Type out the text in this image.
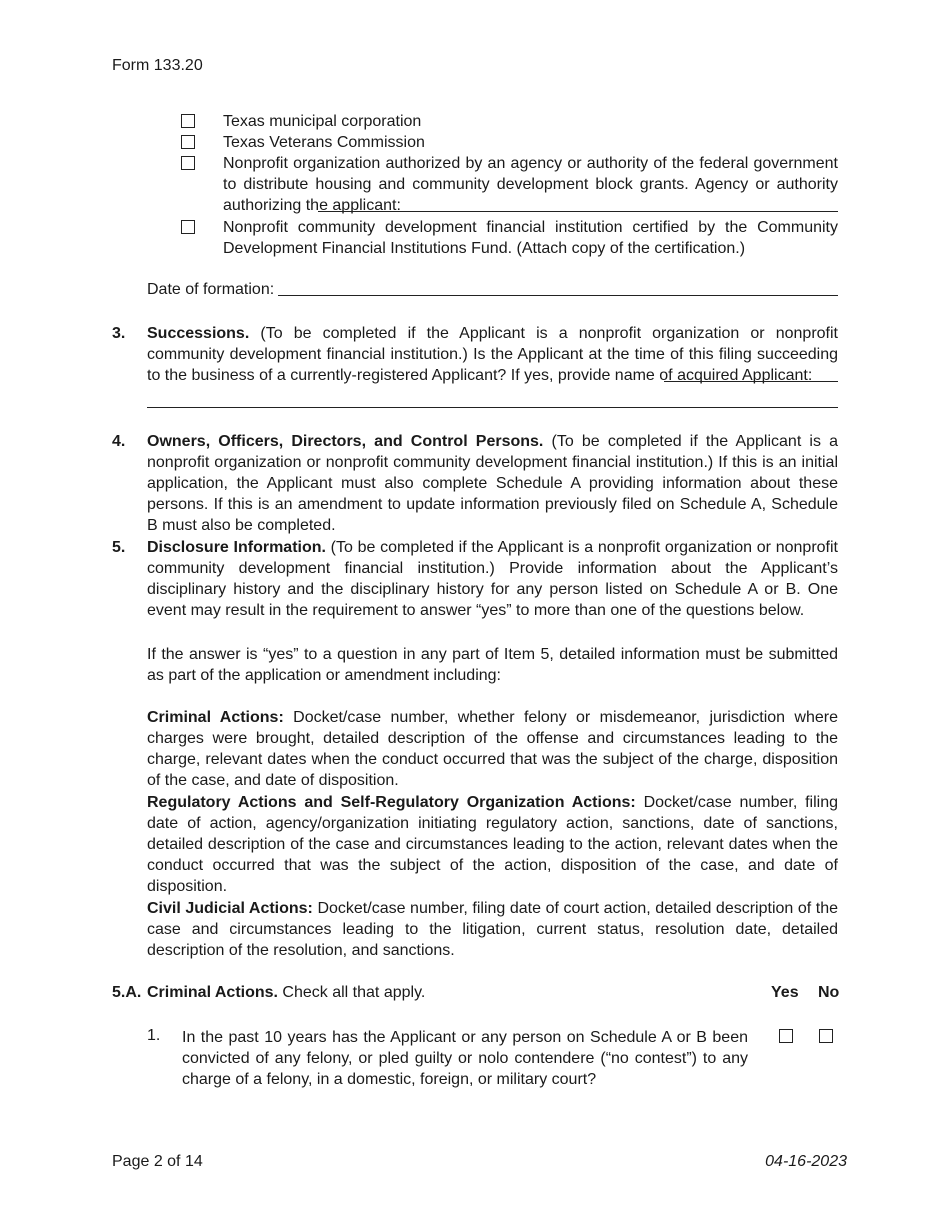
Form 133.20
Texas municipal corporation
Texas Veterans Commission
Nonprofit organization authorized by an agency or authority of the federal government to distribute housing and community development block grants. Agency or authority authorizing the applicant:
Nonprofit community development financial institution certified by the Community Development Financial Institutions Fund. (Attach copy of the certification.)
Date of formation:
3. Successions. (To be completed if the Applicant is a nonprofit organization or nonprofit community development financial institution.) Is the Applicant at the time of this filing succeeding to the business of a currently-registered Applicant? If yes, provide name of acquired Applicant:
4. Owners, Officers, Directors, and Control Persons. (To be completed if the Applicant is a nonprofit organization or nonprofit community development financial institution.) If this is an initial application, the Applicant must also complete Schedule A providing information about these persons. If this is an amendment to update information previously filed on Schedule A, Schedule B must also be completed.
5. Disclosure Information. (To be completed if the Applicant is a nonprofit organization or nonprofit community development financial institution.) Provide information about the Applicant’s disciplinary history and the disciplinary history for any person listed on Schedule A or B. One event may result in the requirement to answer “yes” to more than one of the questions below.
If the answer is “yes” to a question in any part of Item 5, detailed information must be submitted as part of the application or amendment including:
Criminal Actions: Docket/case number, whether felony or misdemeanor, jurisdiction where charges were brought, detailed description of the offense and circumstances leading to the charge, relevant dates when the conduct occurred that was the subject of the charge, disposition of the case, and date of disposition.
Regulatory Actions and Self-Regulatory Organization Actions: Docket/case number, filing date of action, agency/organization initiating regulatory action, sanctions, date of sanctions, detailed description of the case and circumstances leading to the action, relevant dates when the conduct occurred that was the subject of the action, disposition of the case, and date of disposition.
Civil Judicial Actions: Docket/case number, filing date of court action, detailed description of the case and circumstances leading to the litigation, current status, resolution date, detailed description of the resolution, and sanctions.
5.A. Criminal Actions. Check all that apply.	Yes No
1. In the past 10 years has the Applicant or any person on Schedule A or B been convicted of any felony, or pled guilty or nolo contendere (“no contest”) to any charge of a felony, in a domestic, foreign, or military court?
Page 2 of 14	04-16-2023
